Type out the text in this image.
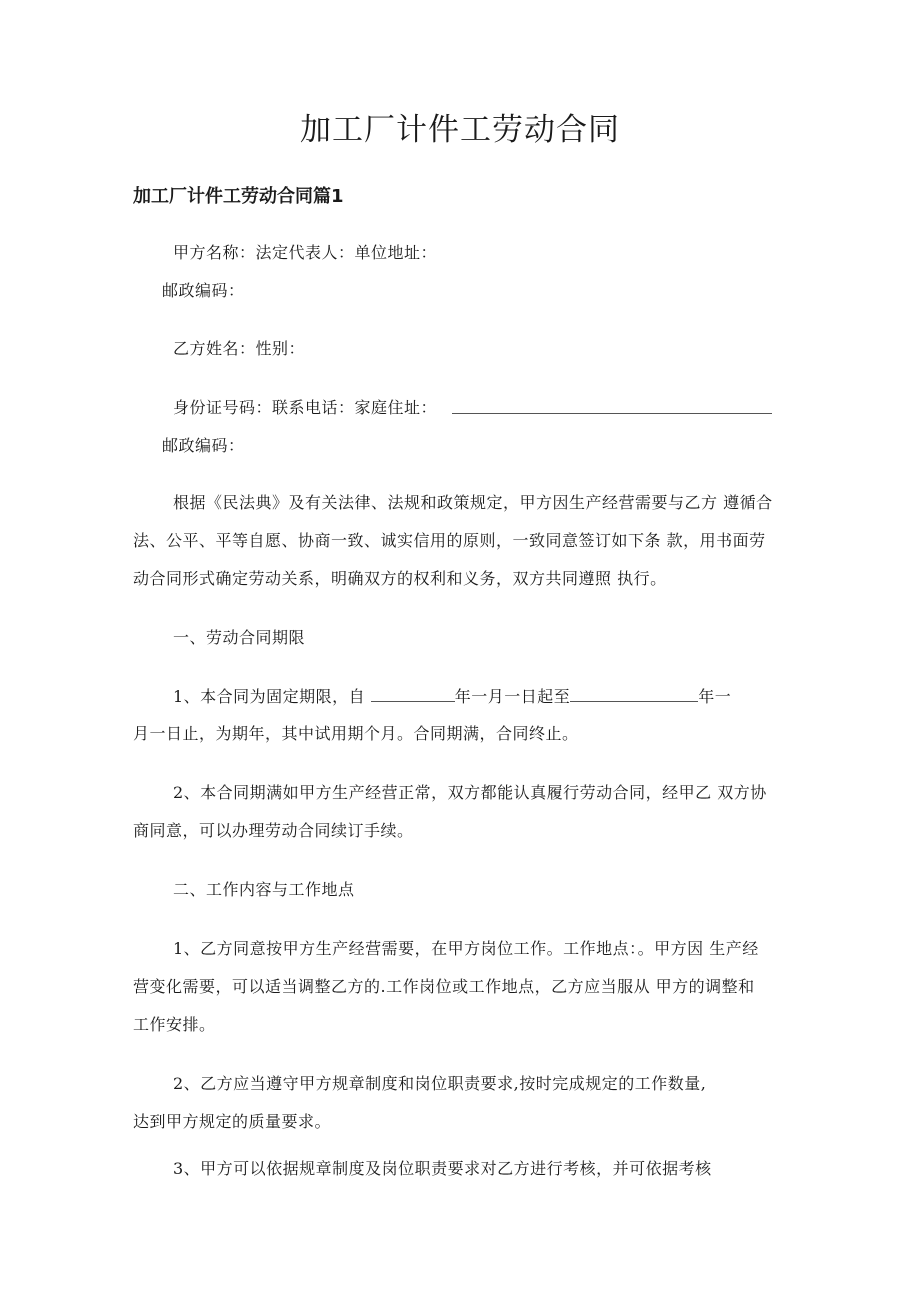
加工厂计件工劳动合同
加工厂计件工劳动合同篇1
甲方名称：法定代表人：单位地址：
邮政编码：
乙方姓名：性别：
身份证号码：联系电话：家庭住址：
邮政编码：
根据《民法典》及有关法律、法规和政策规定，甲方因生产经营需要与乙方 遵循合
法、公平、平等自愿、协商一致、诚实信用的原则，一致同意签订如下条 款，用书面劳
动合同形式确定劳动关系，明确双方的权利和义务，双方共同遵照 执行。
一、劳动合同期限
1、本合同为固定期限，自	年一月一日起至	年一
月一日止，为期年，其中试用期个月。合同期满，合同终止。
2、本合同期满如甲方生产经营正常，双方都能认真履行劳动合同，经甲乙 双方协
商同意，可以办理劳动合同续订手续。
二、工作内容与工作地点
1、乙方同意按甲方生产经营需要，在甲方岗位工作。工作地点：。甲方因 生产经
营变化需要，可以适当调整乙方的.工作岗位或工作地点，乙方应当服从 甲方的调整和
工作安排。
2、乙方应当遵守甲方规章制度和岗位职责要求,按时完成规定的工作数量,
达到甲方规定的质量要求。
3、甲方可以依据规章制度及岗位职责要求对乙方进行考核，并可依据考核
